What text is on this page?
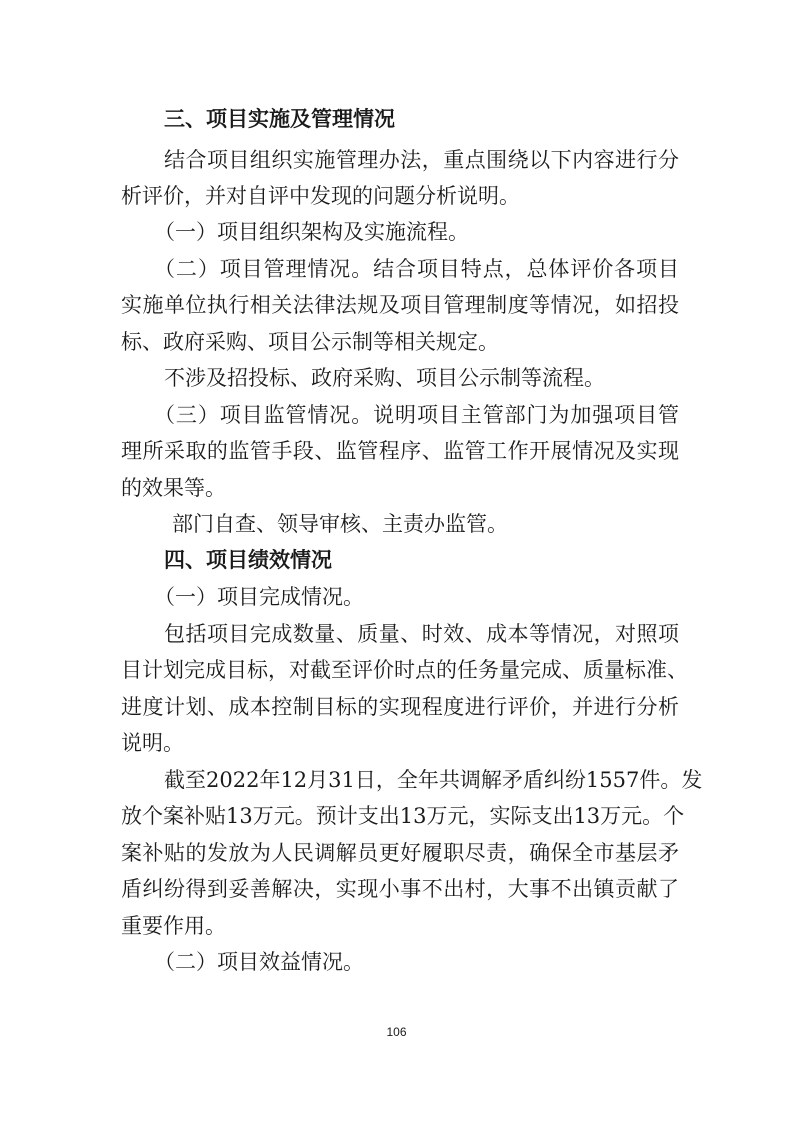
三、项目实施及管理情况

结合项目组织实施管理办法，重点围绕以下内容进行分

析评价，并对自评中发现的问题分析说明。

（一）项目组织架构及实施流程。

（二）项目管理情况。结合项目特点，总体评价各项目

实施单位执行相关法律法规及项目管理制度等情况，如招投

标、政府采购、项目公示制等相关规定。

不涉及招投标、政府采购、项目公示制等流程。

（三）项目监管情况。说明项目主管部门为加强项目管

理所采取的监管手段、监管程序、监管工作开展情况及实现

的效果等。

部门自查、领导审核、主责办监管。

四、项目绩效情况

（一）项目完成情况。

包括项目完成数量、质量、时效、成本等情况，对照项

目计划完成目标，对截至评价时点的任务量完成、质量标准、

进度计划、成本控制目标的实现程度进行评价，并进行分析

说明。

截至2022年12月31日，全年共调解矛盾纠纷1557件。发

放个案补贴13万元。预计支出13万元，实际支出13万元。个

案补贴的发放为人民调解员更好履职尽责，确保全市基层矛

盾纠纷得到妥善解决，实现小事不出村，大事不出镇贡献了

重要作用。

（二）项目效益情况。

106
